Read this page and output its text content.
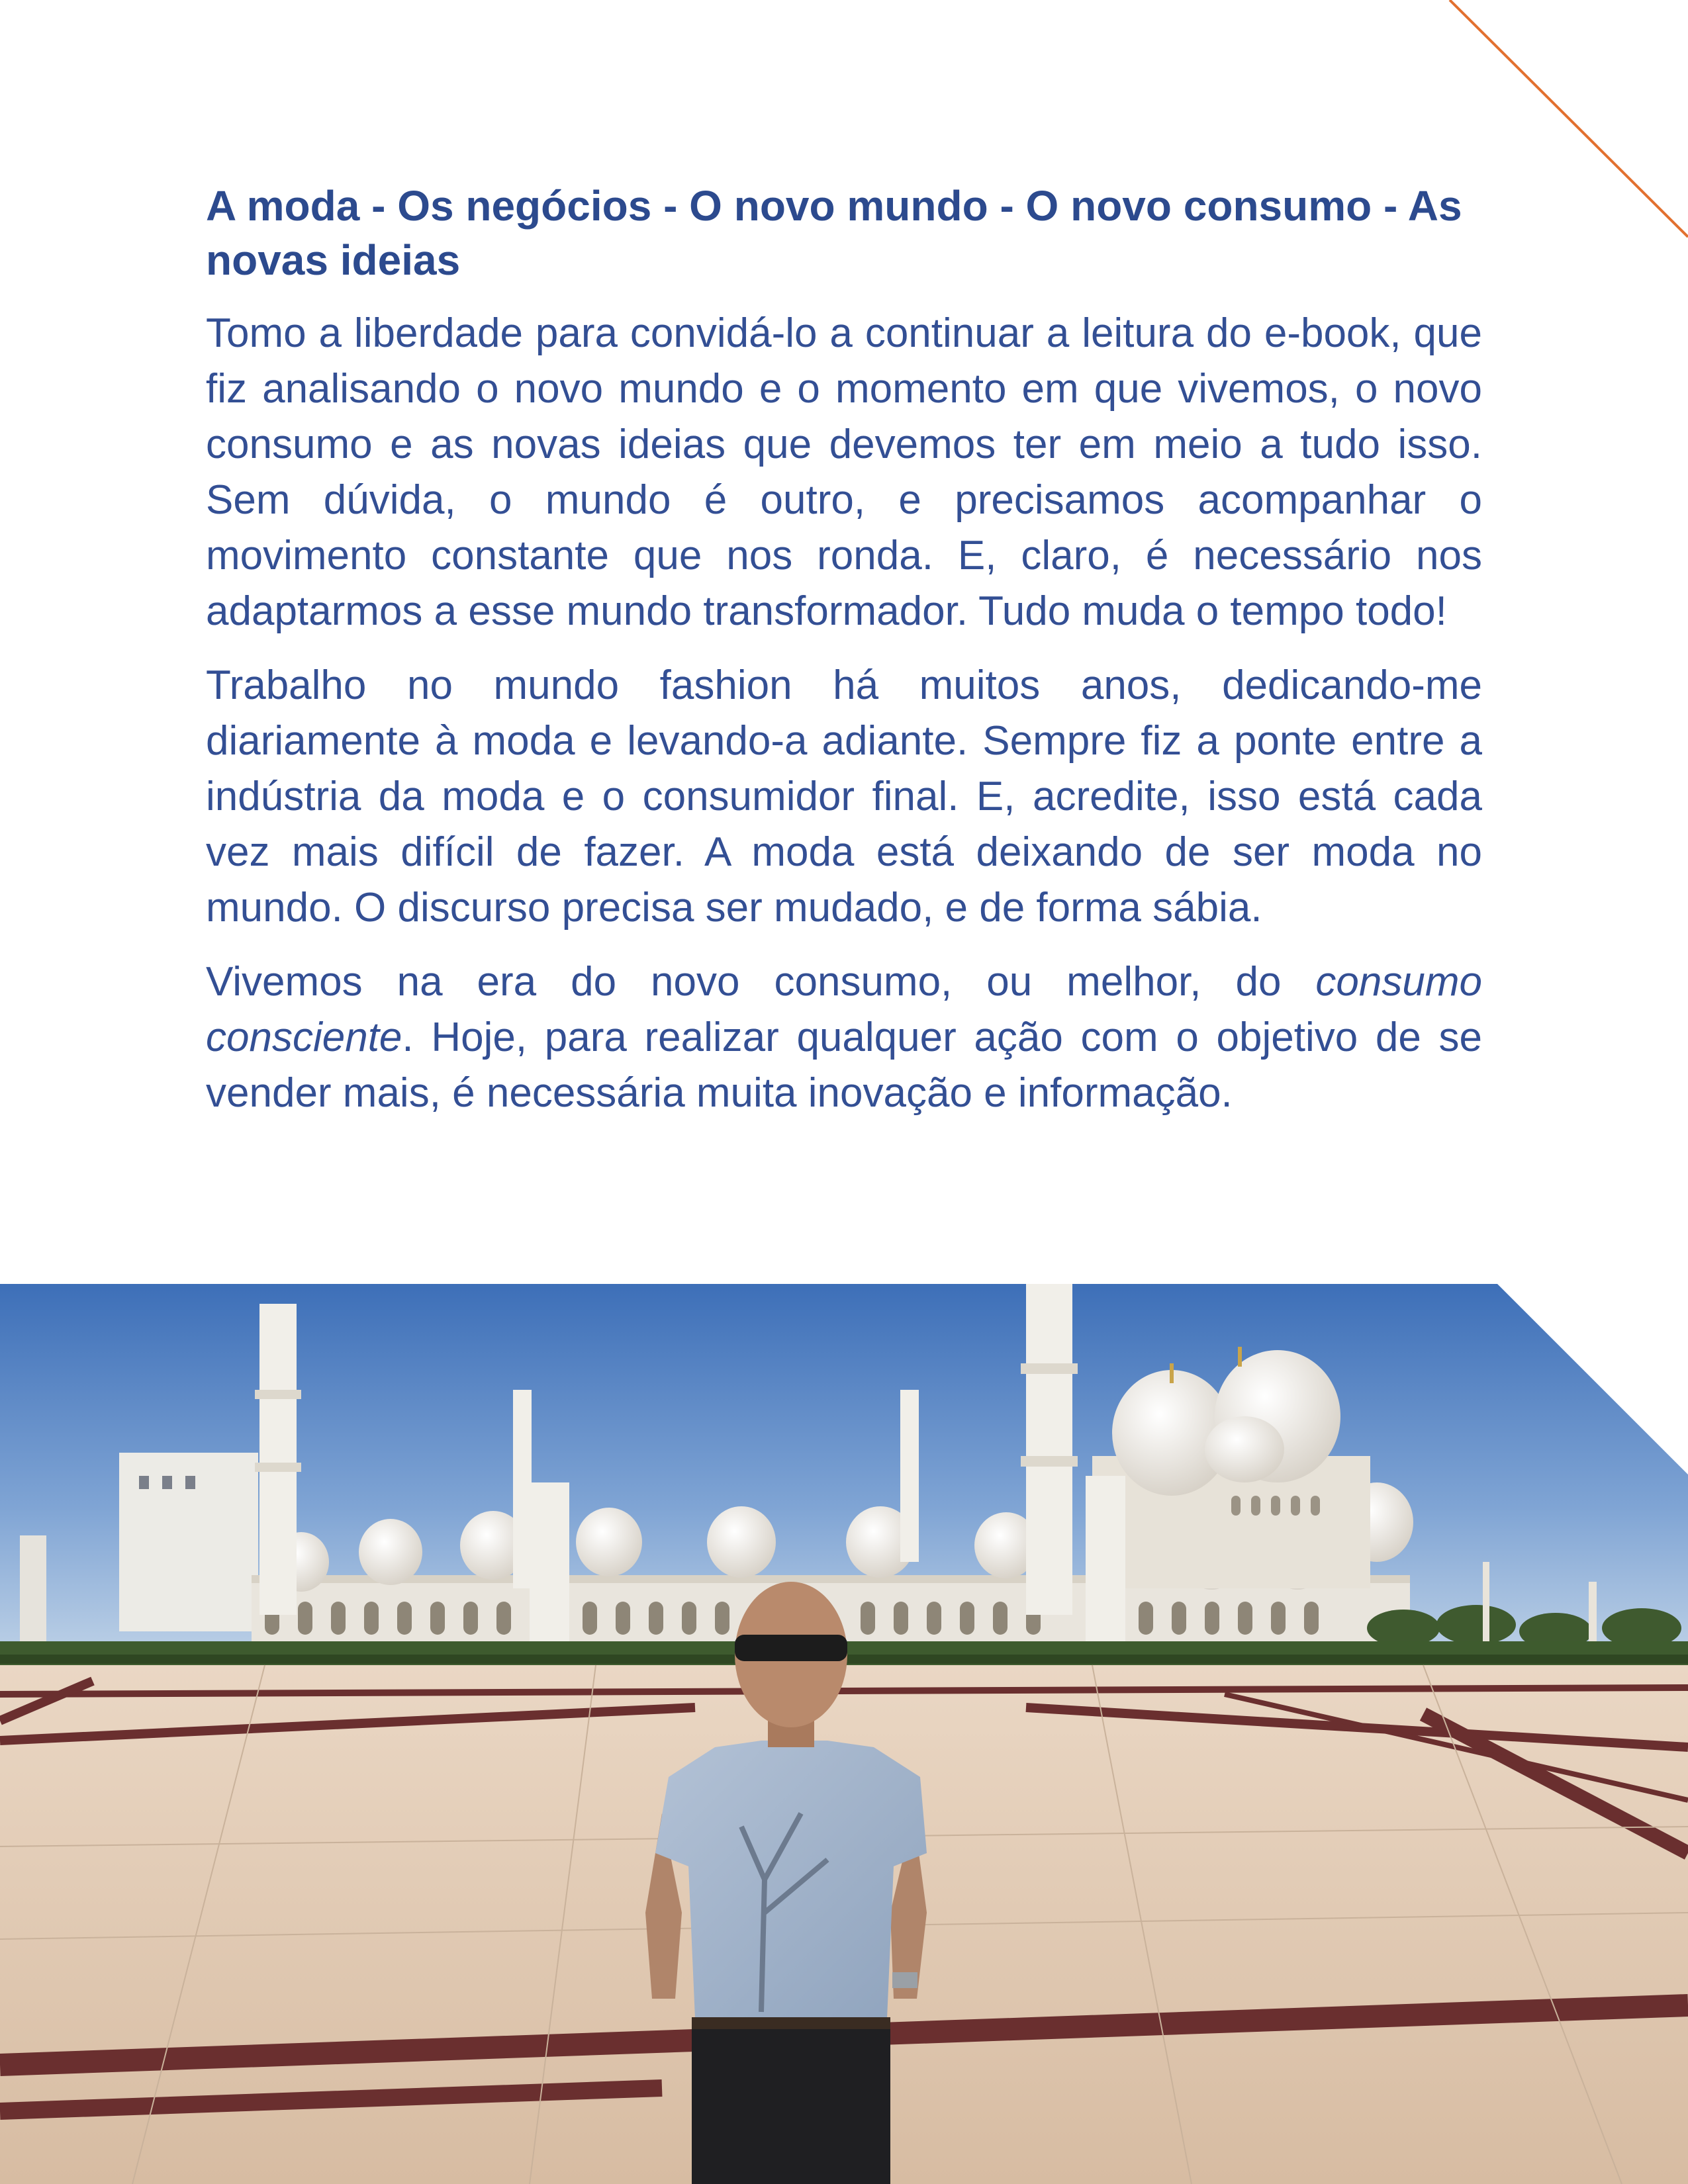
A moda - Os negócios - O novo mundo - O novo consumo - As novas ideias

Tomo a liberdade para convidá-lo a continuar a leitura do e-book, que fiz analisando o novo mundo e o momento em que vivemos, o novo consumo e as novas ideias que devemos ter em meio a tudo isso. Sem dúvida, o mundo é outro, e precisamos acompanhar o movimento constante que nos ronda. E, claro, é necessário nos adaptarmos a esse mundo transformador. Tudo muda o tempo todo!

Trabalho no mundo fashion há muitos anos, dedicando-me diariamente à moda e levando-a adiante. Sempre fiz a ponte entre a indústria da moda e o consumidor final. E, acredite, isso está cada vez mais difícil de fazer. A moda está deixando de ser moda no mundo. O discurso precisa ser mudado, e de forma sábia.

Vivemos na era do novo consumo, ou melhor, do consumo consciente. Hoje, para realizar qualquer ação com o objetivo de se vender mais, é necessária muita inovação e informação.
